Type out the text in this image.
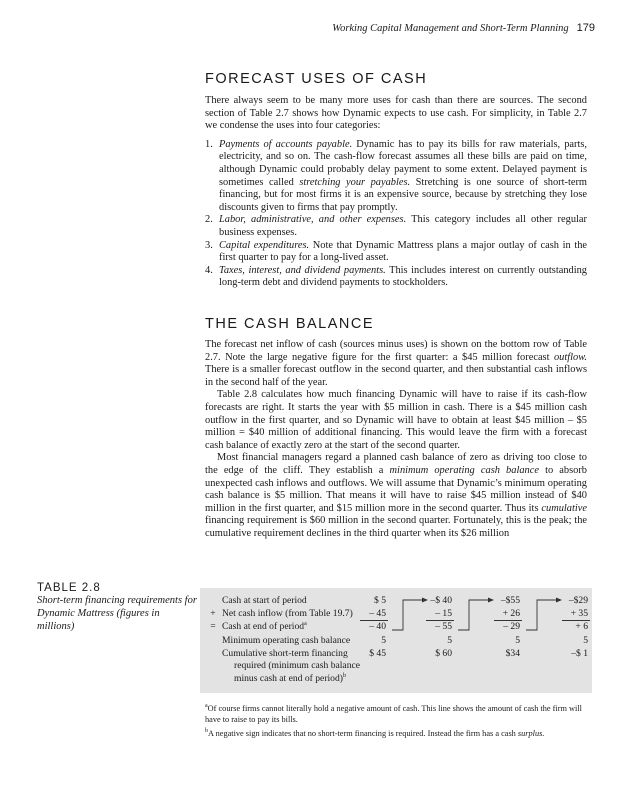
Working Capital Management and Short-Term Planning 179
FORECAST USES OF CASH

There always seem to be many more uses for cash than there are sources. The second section of Table 2.7 shows how Dynamic expects to use cash. For simplicity, in Table 2.7 we condense the uses into four categories:

1. Payments of accounts payable. Dynamic has to pay its bills for raw materials, parts, electricity, and so on. The cash-flow forecast assumes all these bills are paid on time, although Dynamic could probably delay payment to some extent. Delayed payment is sometimes called stretching your payables. Stretching is one source of short-term financing, but for most firms it is an expensive source, because by stretching they lose discounts given to firms that pay promptly.
2. Labor, administrative, and other expenses. This category includes all other regular business expenses.
3. Capital expenditures. Note that Dynamic Mattress plans a major outlay of cash in the first quarter to pay for a long-lived asset.
4. Taxes, interest, and dividend payments. This includes interest on currently outstanding long-term debt and dividend payments to stockholders.
THE CASH BALANCE

The forecast net inflow of cash (sources minus uses) is shown on the bottom row of Table 2.7. Note the large negative figure for the first quarter: a $45 million forecast outflow. There is a smaller forecast outflow in the second quarter, and then substantial cash inflows in the second half of the year.

Table 2.8 calculates how much financing Dynamic will have to raise if its cash-flow forecasts are right. It starts the year with $5 million in cash. There is a $45 million cash outflow in the first quarter, and so Dynamic will have to obtain at least $45 million – $5 million = $40 million of additional financing. This would leave the firm with a forecast cash balance of exactly zero at the start of the second quarter.

Most financial managers regard a planned cash balance of zero as driving too close to the edge of the cliff. They establish a minimum operating cash balance to absorb unexpected cash inflows and outflows. We will assume that Dynamic’s minimum operating cash balance is $5 million. That means it will have to raise $45 million instead of $40 million in the first quarter, and $15 million more in the second quarter. Thus its cumulative financing requirement is $60 million in the second quarter. Fortunately, this is the peak; the cumulative requirement declines in the third quarter when its $26 million

TABLE 2.8
Short-term financing requirements for Dynamic Mattress (figures in millions)
Cash at start of period	$ 5	–$ 40	–$55	–$29
+ Net cash inflow (from Table 19.7)	– 45	– 15	+ 26	+ 35
= Cash at end of period$^a$	– 40	– 55	– 29	+ 6
Minimum operating cash balance	5	5	5	5
Cumulative short-term financing	$ 45	$ 60	$34	–$ 1
required (minimum cash balance
minus cash at end of period)$^b$
$^a$Of course firms cannot literally hold a negative amount of cash. This line shows the amount of cash the firm will have to raise to pay its bills.
$^b$A negative sign indicates that no short-term financing is required. Instead the firm has a cash surplus.
